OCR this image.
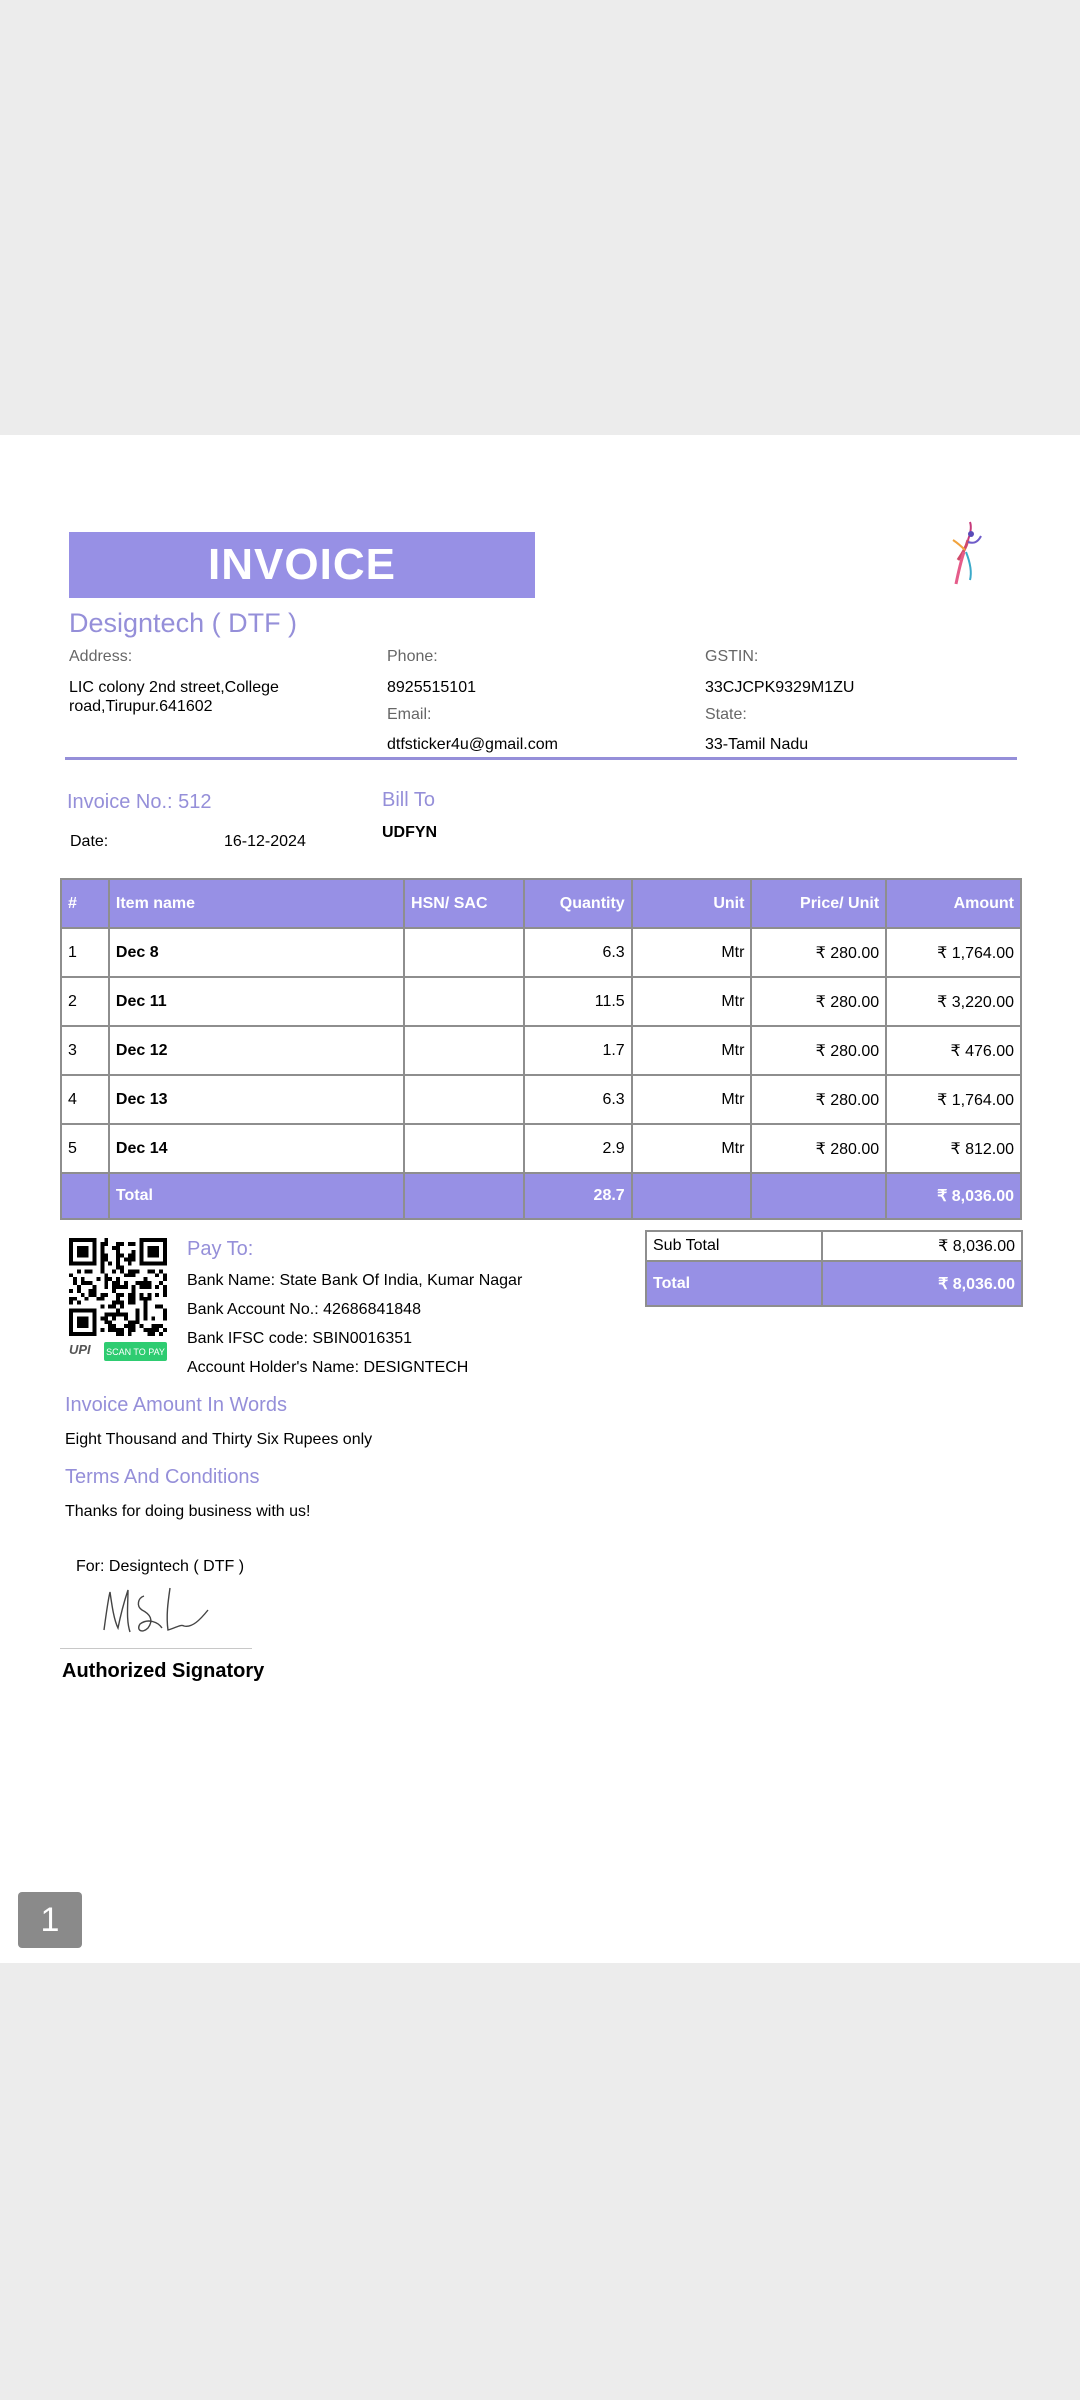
INVOICE
Designtech ( DTF )
Address:
LIC colony 2nd street,College road,Tirupur.641602
Phone:
8925515101
Email:
dtfsticker4u@gmail.com
GSTIN:
33CJCPK9329M1ZU
State:
33-Tamil Nadu
Invoice No.: 512
Date:	16-12-2024
Bill To
UDFYN
#	Item name	HSN/ SAC	Quantity	Unit	Price/ Unit	Amount
1	Dec 8		6.3	Mtr	₹ 280.00	₹ 1,764.00
2	Dec 11		11.5	Mtr	₹ 280.00	₹ 3,220.00
3	Dec 12		1.7	Mtr	₹ 280.00	₹ 476.00
4	Dec 13		6.3	Mtr	₹ 280.00	₹ 1,764.00
5	Dec 14		2.9	Mtr	₹ 280.00	₹ 812.00
	Total		28.7			₹ 8,036.00
UPI SCAN TO PAY
Pay To:
Bank Name: State Bank Of India, Kumar Nagar
Bank Account No.: 42686841848
Bank IFSC code: SBIN0016351
Account Holder's Name: DESIGNTECH
Sub Total	₹ 8,036.00
Total	₹ 8,036.00
Invoice Amount In Words
Eight Thousand and Thirty Six Rupees only
Terms And Conditions
Thanks for doing business with us!
For: Designtech ( DTF )
Authorized Signatory
1
